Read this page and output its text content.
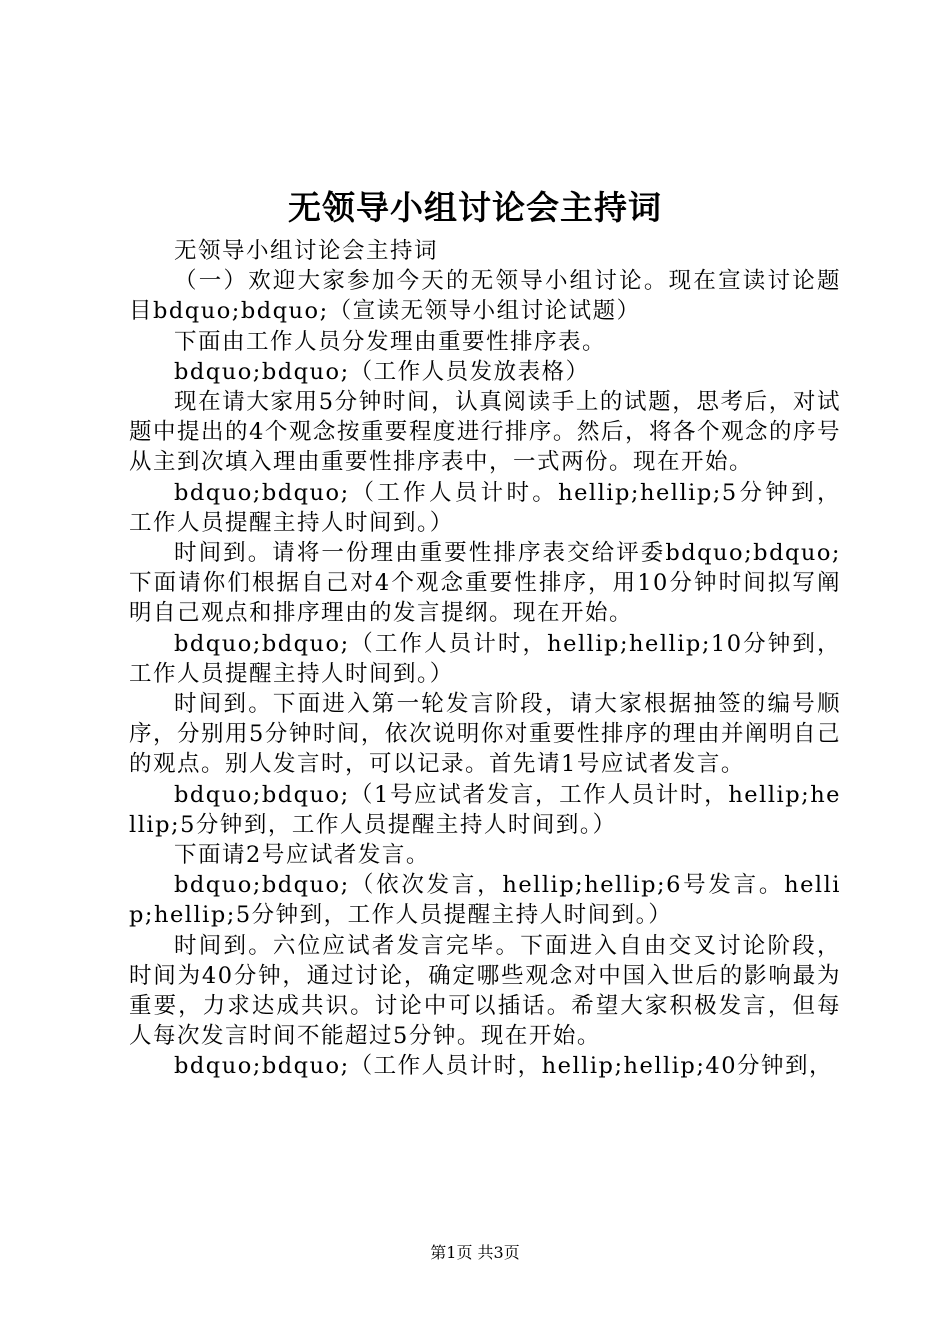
无领导小组讨论会主持词

无领导小组讨论会主持词

（一）欢迎大家参加今天的无领导小组讨论。现在宣读讨论题目bdquo;bdquo;（宣读无领导小组讨论试题）

下面由工作人员分发理由重要性排序表。

bdquo;bdquo;（工作人员发放表格）

现在请大家用5分钟时间，认真阅读手上的试题，思考后，对试题中提出的4个观念按重要程度进行排序。然后，将各个观念的序号从主到次填入理由重要性排序表中，一式两份。现在开始。

bdquo;bdquo;（工作人员计时。hellip;hellip;5分钟到，工作人员提醒主持人时间到。）

时间到。请将一份理由重要性排序表交给评委bdquo;bdquo;下面请你们根据自己对4个观念重要性排序，用10分钟时间拟写阐明自己观点和排序理由的发言提纲。现在开始。

bdquo;bdquo;（工作人员计时，hellip;hellip;10分钟到，工作人员提醒主持人时间到。）

时间到。下面进入第一轮发言阶段，请大家根据抽签的编号顺序，分别用5分钟时间，依次说明你对重要性排序的理由并阐明自己的观点。别人发言时，可以记录。首先请1号应试者发言。

bdquo;bdquo;（1号应试者发言，工作人员计时，hellip;hellip;5分钟到，工作人员提醒主持人时间到。）

下面请2号应试者发言。

bdquo;bdquo;（依次发言，hellip;hellip;6号发言。hellip;hellip;5分钟到，工作人员提醒主持人时间到。）

时间到。六位应试者发言完毕。下面进入自由交叉讨论阶段，时间为40分钟，通过讨论，确定哪些观念对中国入世后的影响最为重要，力求达成共识。讨论中可以插话。希望大家积极发言，但每人每次发言时间不能超过5分钟。现在开始。

bdquo;bdquo;（工作人员计时，hellip;hellip;40分钟到，

第1页 共3页
